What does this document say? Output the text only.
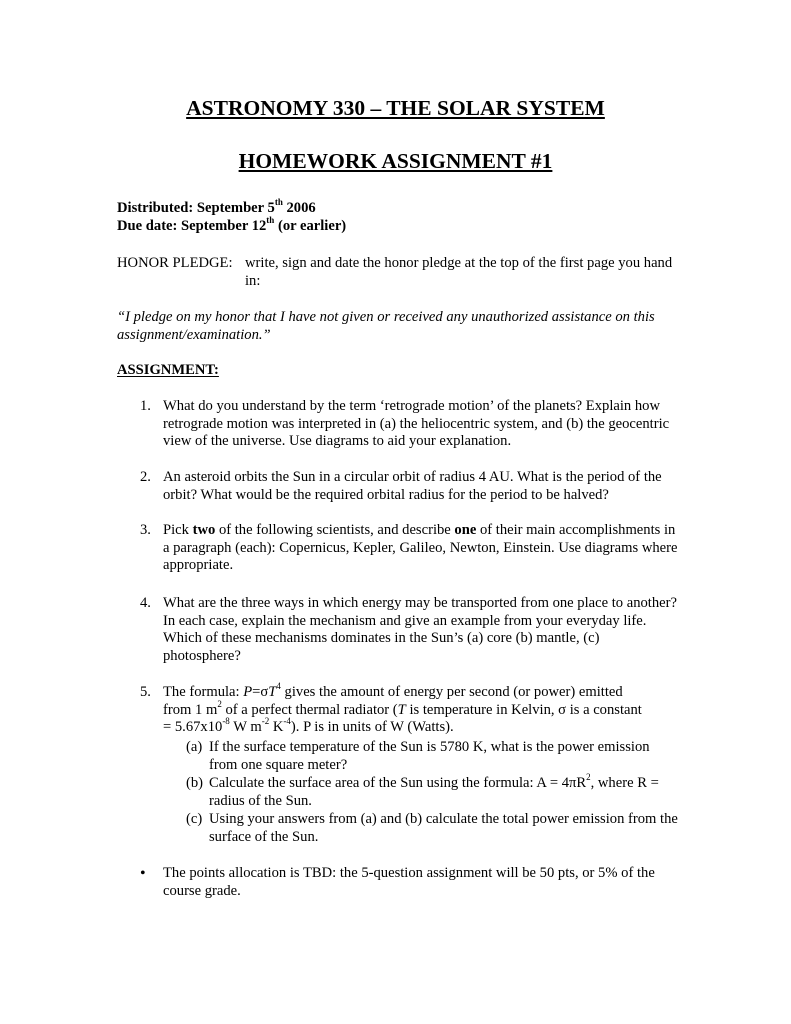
ASTRONOMY 330 – THE SOLAR SYSTEM
HOMEWORK ASSIGNMENT #1
Distributed: September 5th 2006
Due date: September 12th (or earlier)
HONOR PLEDGE: write, sign and date the honor pledge at the top of the first page you hand in:
“I pledge on my honor that I have not given or received any unauthorized assistance on this assignment/examination.”
ASSIGNMENT:
1. What do you understand by the term ‘retrograde motion’ of the planets? Explain how retrograde motion was interpreted in (a) the heliocentric system, and (b) the geocentric view of the universe. Use diagrams to aid your explanation.
2. An asteroid orbits the Sun in a circular orbit of radius 4 AU. What is the period of the orbit? What would be the required orbital radius for the period to be halved?
3. Pick two of the following scientists, and describe one of their main accomplishments in a paragraph (each): Copernicus, Kepler, Galileo, Newton, Einstein. Use diagrams where appropriate.
4. What are the three ways in which energy may be transported from one place to another? In each case, explain the mechanism and give an example from your everyday life. Which of these mechanisms dominates in the Sun’s (a) core (b) mantle, (c) photosphere?
5. The formula: $P=\sigma T^4$ gives the amount of energy per second (or power) emitted
from 1 $m^2$ of a perfect thermal radiator (T is temperature in Kelvin, σ is a constant
= $5.67x10^{-8}$ W $m^{-2}$ $K^{-4}$). P is in units of W (Watts).
(a) If the surface temperature of the Sun is 5780 K, what is the power emission from one square meter?
(b) Calculate the surface area of the Sun using the formula: $A = 4\pi R^2$, where R = radius of the Sun.
(c) Using your answers from (a) and (b) calculate the total power emission from the surface of the Sun.
• The points allocation is TBD: the 5-question assignment will be 50 pts, or 5% of the course grade.
